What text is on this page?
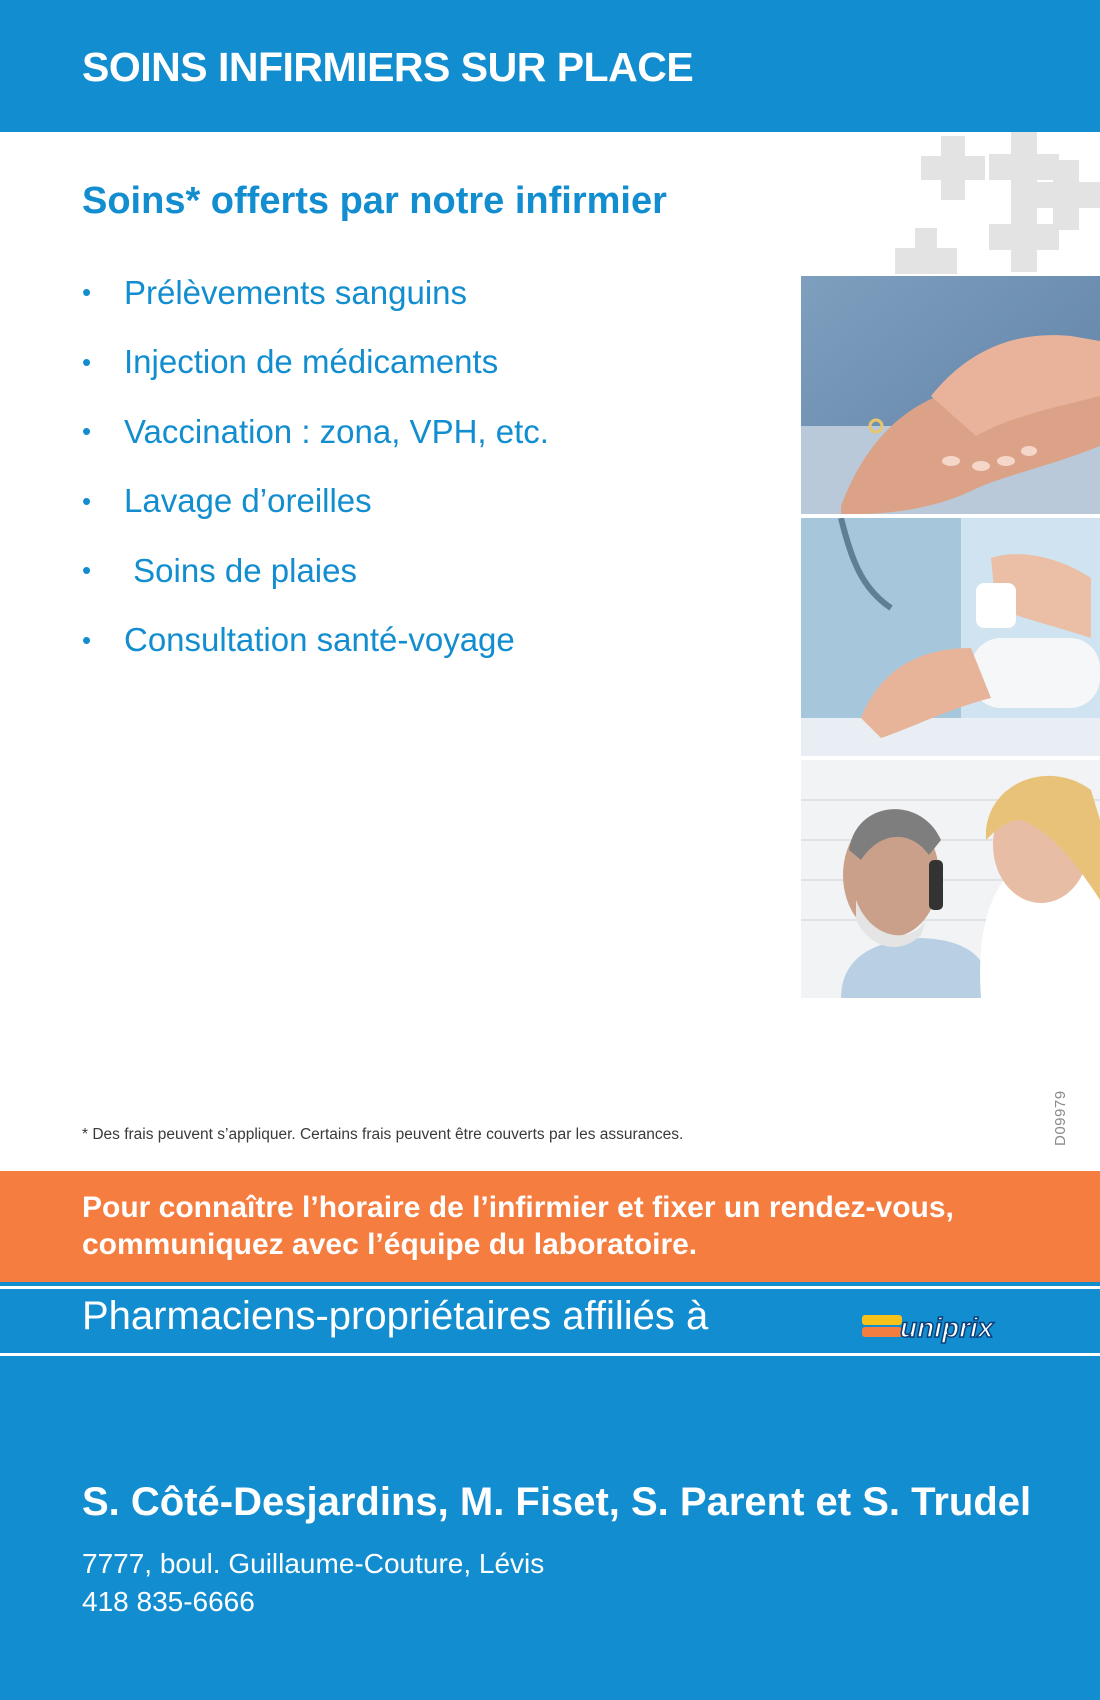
SOINS INFIRMIERS SUR PLACE
Soins* offerts par notre infirmier
• Prélèvements sanguins
• Injection de médicaments
• Vaccination : zona, VPH, etc.
• Lavage d’oreilles
• Soins de plaies
• Consultation santé-voyage

* Des frais peuvent s’appliquer. Certains frais peuvent être couverts par les assurances.	D09979

Pour connaître l’horaire de l’infirmier et fixer un rendez-vous,
communiquez avec l’équipe du laboratoire.

Pharmaciens-propriétaires affiliés à	uniprix

S. Côté-Desjardins, M. Fiset, S. Parent et S. Trudel

7777, boul. Guillaume-Couture, Lévis

418 835-6666
